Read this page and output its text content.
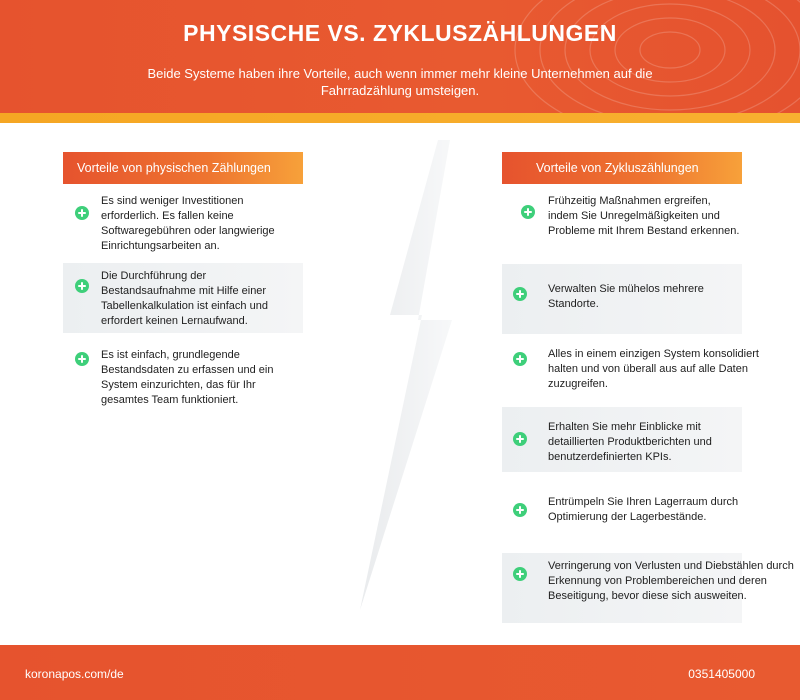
PHYSISCHE VS. ZYKLUSZÄHLUNGEN
Beide Systeme haben ihre Vorteile, auch wenn immer mehr kleine Unternehmen auf die Fahrradzählung umsteigen.
Vorteile von physischen Zählungen	Vorteile von Zykluszählungen
Es sind weniger Investitionen erforderlich. Es fallen keine Softwaregebühren oder langwierige Einrichtungsarbeiten an.
Die Durchführung der Bestandsaufnahme mit Hilfe einer Tabellenkalkulation ist einfach und erfordert keinen Lernaufwand.
Es ist einfach, grundlegende Bestandsdaten zu erfassen und ein System einzurichten, das für Ihr gesamtes Team funktioniert.
Frühzeitig Maßnahmen ergreifen, indem Sie Unregelmäßigkeiten und Probleme mit Ihrem Bestand erkennen.
Verwalten Sie mühelos mehrere Standorte.
Alles in einem einzigen System konsolidiert halten und von überall aus auf alle Daten zuzugreifen.
Erhalten Sie mehr Einblicke mit detaillierten Produktberichten und benutzerdefinierten KPIs.
Entrümpeln Sie Ihren Lagerraum durch Optimierung der Lagerbestände.
Verringerung von Verlusten und Diebstählen durch Erkennung von Problembereichen und deren Beseitigung, bevor diese sich ausweiten.
koronapos.com/de	0351405000
